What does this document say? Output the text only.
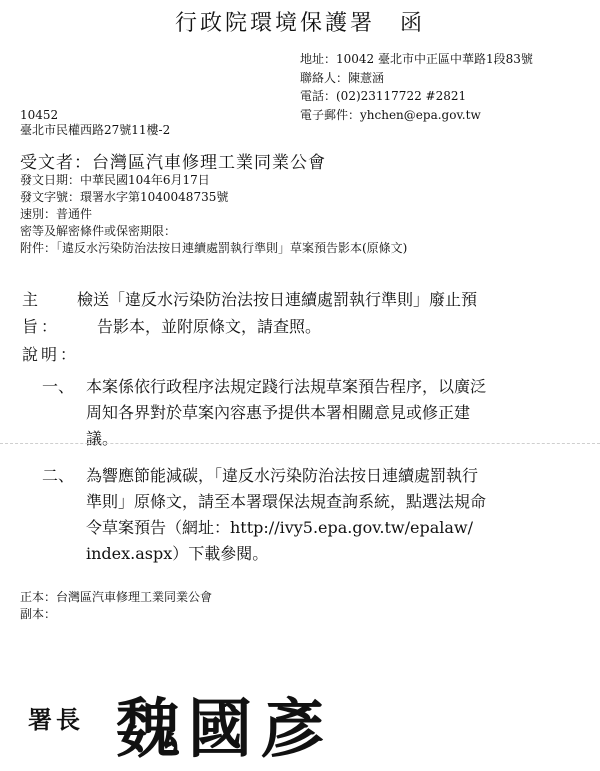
行政院環境保護署　函
地址：10042 臺北市中正區中華路1段83號
聯絡人：陳薏涵
電話：(02)23117722 #2821
電子郵件：yhchen@epa.gov.tw
10452
臺北市民權西路27號11樓-2
受文者：台灣區汽車修理工業同業公會
發文日期：中華民國104年6月17日
發文字號：環署水字第1040048735號
速別：普通件
密等及解密條件或保密期限：
附件：「違反水污染防治法按日連續處罰執行準則」草案預告影本(原條文)
主旨：
檢送「違反水污染防治法按日連續處罰執行準則」廢止預
告影本，並附原條文，請查照。
說明：
一、 本案係依行政程序法規定踐行法規草案預告程序，以廣泛
周知各界對於草案內容惠予提供本署相關意見或修正建
議。
二、 為響應節能減碳，「違反水污染防治法按日連續處罰執行
準則」原條文，請至本署環保法規查詢系統，點選法規命
令草案預告（網址：http://ivy5.epa.gov.tw/epalaw/
index.aspx）下載參閱。
正本：台灣區汽車修理工業同業公會
副本：
署長 魏國彥
